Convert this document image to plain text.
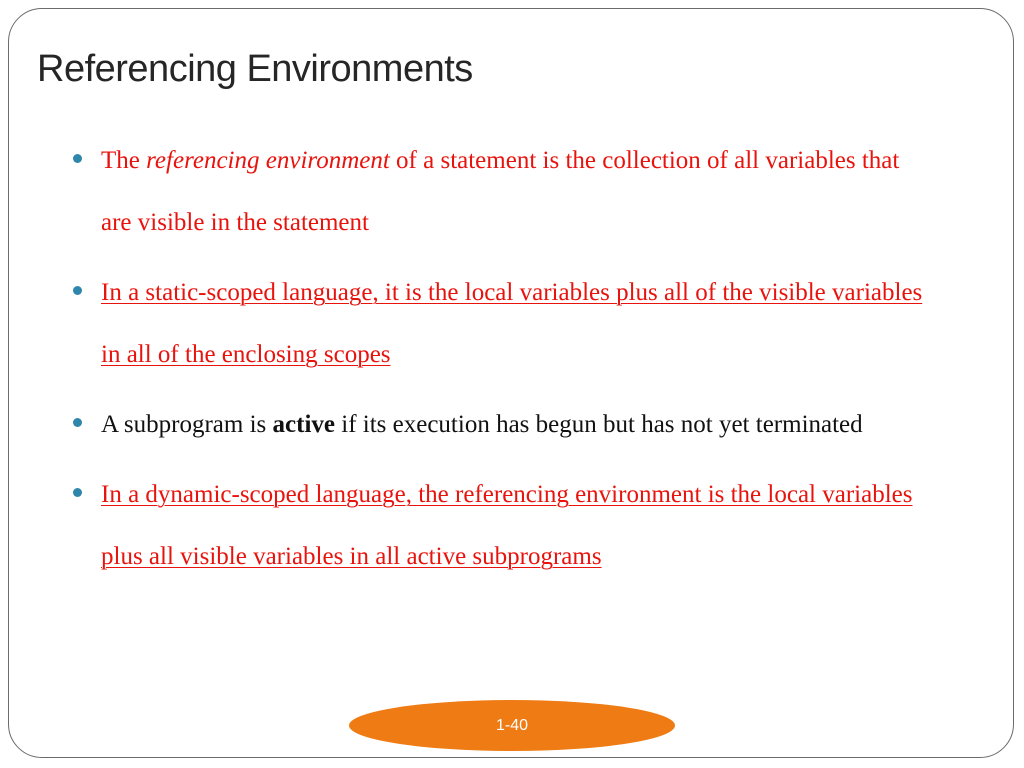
Referencing Environments
The referencing environment of a statement is the collection of all variables that are visible in the statement
In a static-scoped language, it is the local variables plus all of the visible variables in all of the enclosing scopes
A subprogram is active if its execution has begun but has not yet terminated
In a dynamic-scoped language, the referencing environment is the local variables plus all visible variables in all active subprograms
1-40
